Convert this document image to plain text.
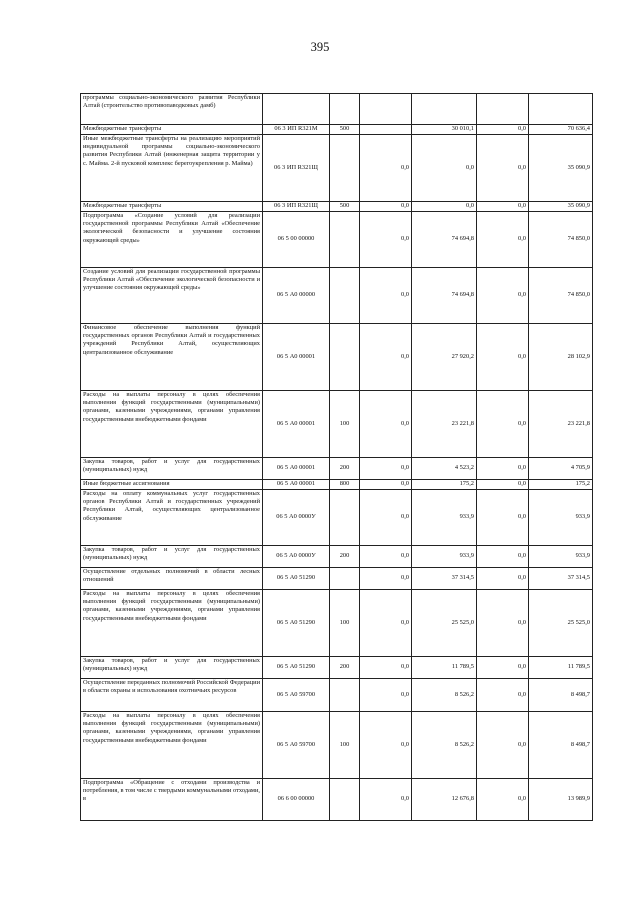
395
программы социально-экономического развития Республики Алтай (строительство противопаводковых дамб)						
Межбюджетные трансферты	06 3 ИП R321М	500		30 010,1	0,0	70 636,4
Иные межбюджетные трансферты на реализацию мероприятий индивидуальной программы социально-экономического развития Республики Алтай (инженерная защита территории у с. Майма. 2-й пусковой комплекс берегоукрепления р. Майма)	06 3 ИП R321Щ		0,0	0,0	0,0	35 090,9
Межбюджетные трансферты	06 3 ИП R321Щ	500	0,0	0,0	0,0	35 090,9
Подпрограмма «Создание условий для реализации государственной программы Республики Алтай «Обеспечение экологической безопасности и улучшение состояния окружающей среды»	06 5 00 00000		0,0	74 694,8	0,0	74 850,0
Создание условий для реализации государственной программы Республики Алтай «Обеспечение экологической безопасности и улучшение состояния окружающей среды»	06 5 А0 00000		0,0	74 694,8	0,0	74 850,0
Финансовое обеспечение выполнения функций государственных органов Республики Алтай и государственных учреждений Республики Алтай, осуществляющих централизованное обслуживание	06 5 А0 00001		0,0	27 920,2	0,0	28 102,9
Расходы на выплаты персоналу в целях обеспечения выполнения функций государственными (муниципальными) органами, казенными учреждениями, органами управления государственными внебюджетными фондами	06 5 А0 00001	100	0,0	23 221,8	0,0	23 221,8
Закупка товаров, работ и услуг для государственных (муниципальных) нужд	06 5 А0 00001	200	0,0	4 523,2	0,0	4 705,9
Иные бюджетные ассигнования	06 5 А0 00001	800	0,0	175,2	0,0	175,2
Расходы на оплату коммунальных услуг государственных органов Республики Алтай и государственных учреждений Республики Алтай, осуществляющих централизованное обслуживание	06 5 А0 0000У		0,0	933,9	0,0	933,9
Закупка товаров, работ и услуг для государственных (муниципальных) нужд	06 5 А0 0000У	200	0,0	933,9	0,0	933,9
Осуществление отдельных полномочий в области лесных отношений	06 5 А0 51290		0,0	37 314,5	0,0	37 314,5
Расходы на выплаты персоналу в целях обеспечения выполнения функций государственными (муниципальными) органами, казенными учреждениями, органами управления государственными внебюджетными фондами	06 5 А0 51290	100	0,0	25 525,0	0,0	25 525,0
Закупка товаров, работ и услуг для государственных (муниципальных) нужд	06 5 А0 51290	200	0,0	11 789,5	0,0	11 789,5
Осуществление переданных полномочий Российской Федерации в области охраны и использования охотничьих ресурсов	06 5 А0 59700		0,0	8 526,2	0,0	8 498,7
Расходы на выплаты персоналу в целях обеспечения выполнения функций государственными (муниципальными) органами, казенными учреждениями, органами управления государственными внебюджетными фондами	06 5 А0 59700	100	0,0	8 526,2	0,0	8 498,7
Подпрограмма «Обращение с отходами производства и потребления, в том числе с твердыми коммунальными отходами, в	06 6 00 00000		0,0	12 676,8	0,0	13 989,9
